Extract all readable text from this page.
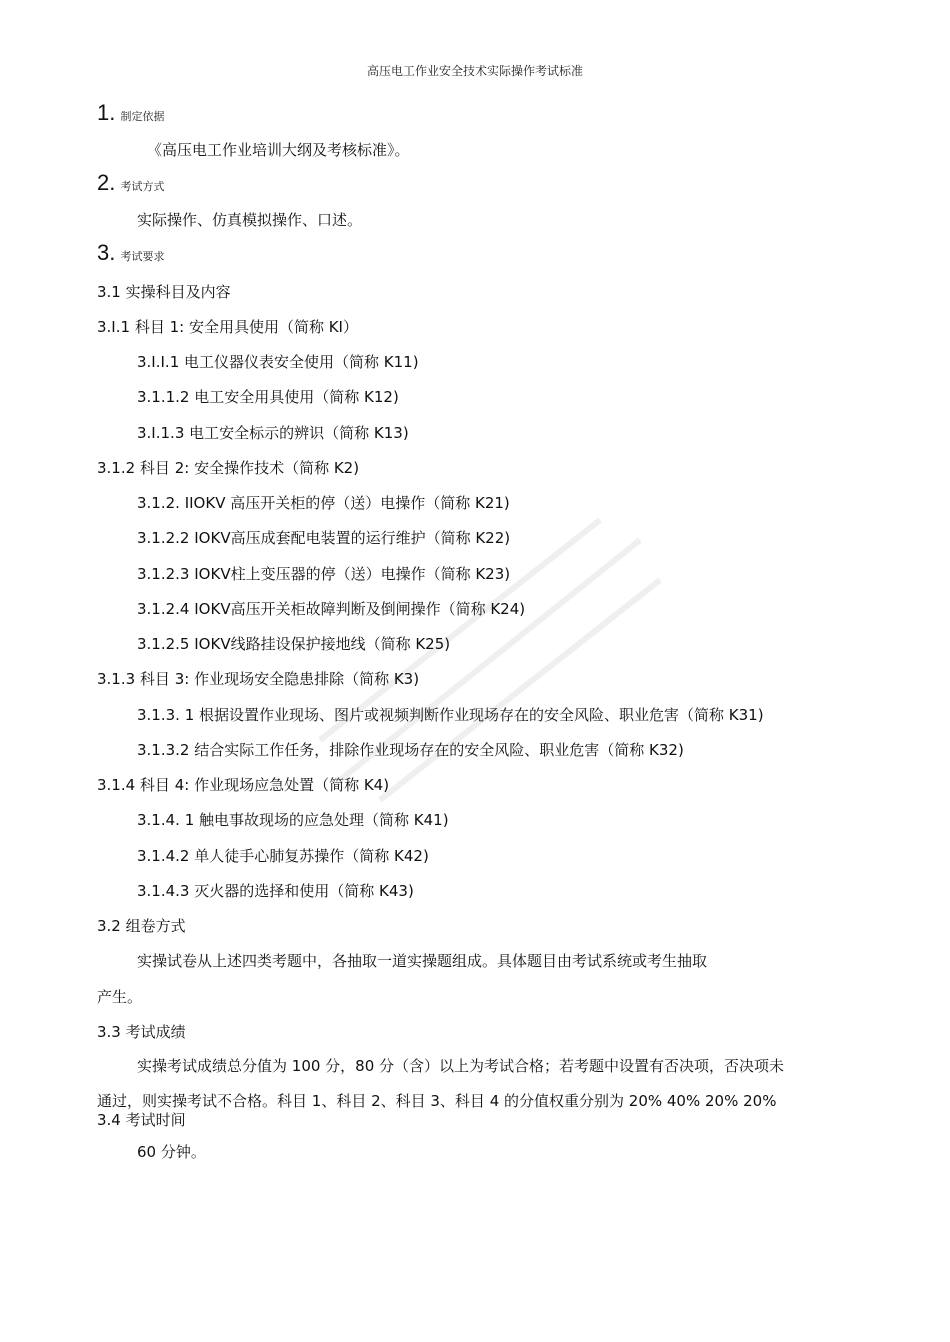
高压电工作业安全技术实际操作考试标准
1. 制定依据
《高压电工作业培训大纲及考核标准》。
2. 考试方式
实际操作、仿真模拟操作、口述。
3. 考试要求
3.1 实操科目及内容
3.I.1 科目 1: 安全用具使用（简称 KI）
3.I.I.1 电工仪器仪表安全使用（简称 K11)
3.1.1.2 电工安全用具使用（简称 K12)
3.I.1.3 电工安全标示的辨识（简称 K13)
3.1.2 科目 2: 安全操作技术（简称 K2)
3.1.2. IIOKV 高压开关柜的停（送）电操作（简称 K21)
3.1.2.2 IOKV高压成套配电装置的运行维护（简称 K22)
3.1.2.3 IOKV柱上变压器的停（送）电操作（简称 K23)
3.1.2.4 IOKV高压开关柜故障判断及倒闸操作（简称 K24)
3.1.2.5 IOKV线路挂设保护接地线（简称 K25)
3.1.3 科目 3: 作业现场安全隐患排除（简称 K3)
3.1.3. 1 根据设置作业现场、图片或视频判断作业现场存在的安全风险、职业危害（简称 K31)
3.1.3.2 结合实际工作任务，排除作业现场存在的安全风险、职业危害（简称 K32)
3.1.4 科目 4: 作业现场应急处置（简称 K4)
3.1.4. 1 触电事故现场的应急处理（简称 K41)
3.1.4.2 单人徒手心肺复苏操作（简称 K42)
3.1.4.3 灭火器的选择和使用（简称 K43)
3.2 组卷方式
实操试卷从上述四类考题中，各抽取一道实操题组成。具体题目由考试系统或考生抽取
产生。
3.3 考试成绩
实操考试成绩总分值为 100 分，80 分（含）以上为考试合格；若考题中设置有否决项，否决项未
通过，则实操考试不合格。科目 1、科目 2、科目 3、科目 4 的分值权重分别为 20% 40% 20% 20%
3.4 考试时间
60 分钟。
